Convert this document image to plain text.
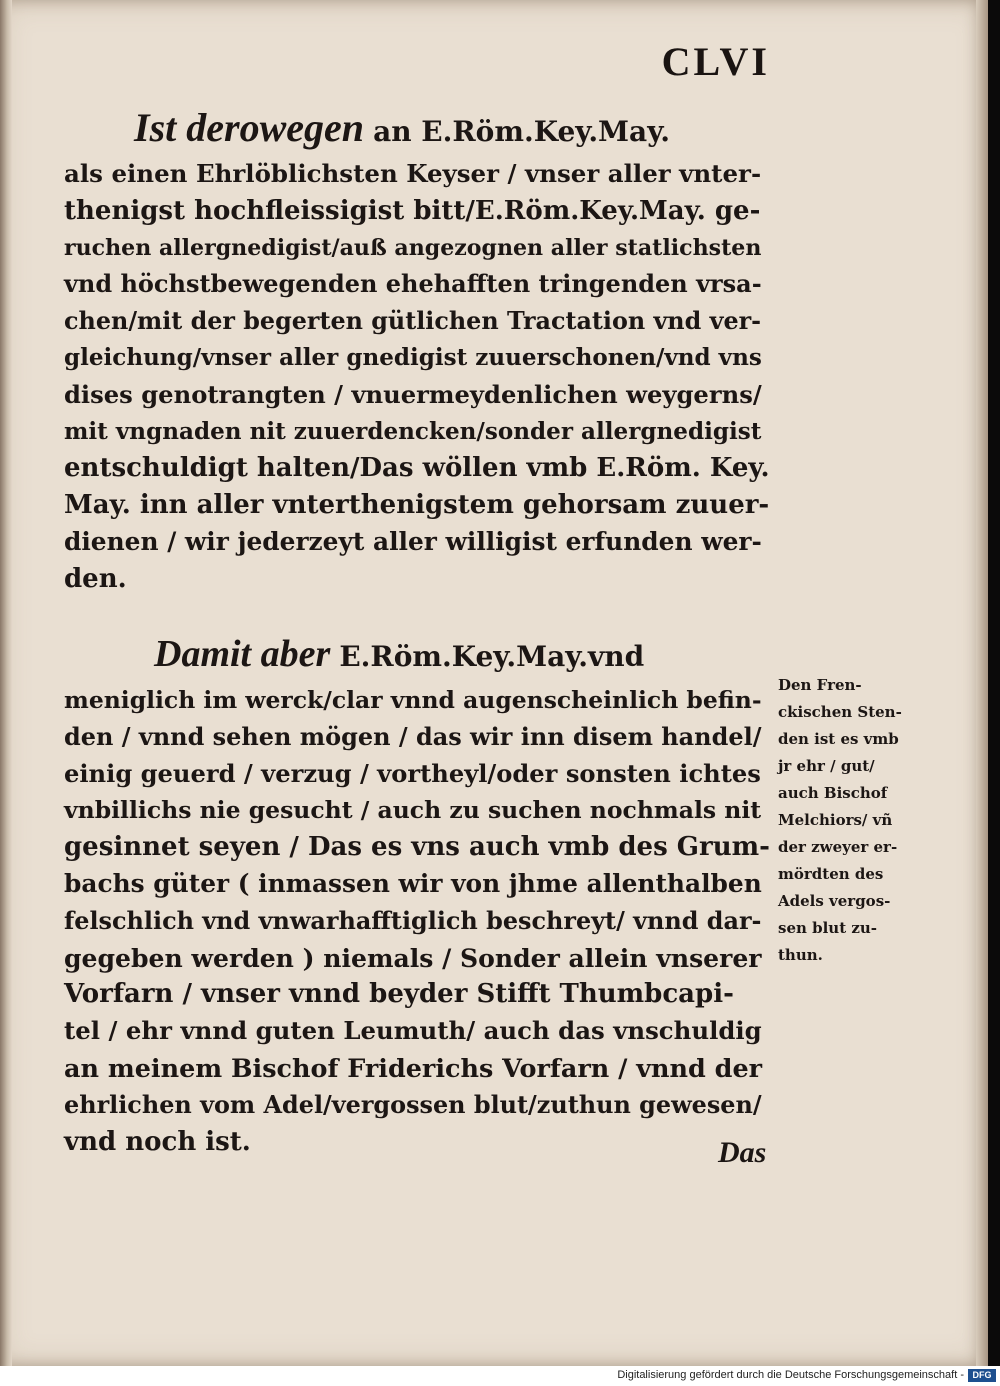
CLVI
Ist derowegen an E.Röm.Key.May.
als einen Ehrlöblichsten Keyser / vnser aller vnter-
thenigst hochfleissigist bitt/E.Röm.Key.May. ge-
ruchen allergnedigist/auß angezognen aller statlichsten
vnd höchstbewegenden ehehafften tringenden vrsa-
chen/mit der begerten gütlichen Tractation vnd ver-
gleichung/vnser aller gnedigist zuuerschonen/vnd vns
dises genotrangten / vnuermeydenlichen weygerns/
mit vngnaden nit zuuerdencken/sonder allergnedigist
entschuldigt halten/Das wöllen vmb E.Röm. Key.
May. inn aller vnterthenigstem gehorsam zuuer-
dienen / wir jederzeyt aller willigist erfunden wer-
den.
Damit aber E.Röm.Key.May.vnd
meniglich im werck/clar vnnd augenscheinlich befin-
den / vnnd sehen mögen / das wir inn disem handel/
einig geuerd / verzug / vortheyl/oder sonsten ichtes
vnbillichs nie gesucht / auch zu suchen nochmals nit
gesinnet seyen / Das es vns auch vmb des Grum-
bachs güter ( inmassen wir von jhme allenthalben
felschlich vnd vnwarhafftiglich beschreyt/ vnnd dar-
gegeben werden ) niemals / Sonder allein vnserer
Vorfarn / vnser vnnd beyder Stifft Thumbcapi-
tel / ehr vnnd guten Leumuth/ auch das vnschuldig
an meinem Bischof Friderichs Vorfarn / vnnd der
ehrlichen vom Adel/vergossen blut/zuthun gewesen/
vnd noch ist.
Den Fren-
ckischen Sten-
den ist es vmb
jr ehr / gut/
auch Bischof
Melchiors/ vñ
der zweyer er-
mördten des
Adels vergos-
sen blut zu-
thun.
Das
Digitalisierung gefördert durch die Deutsche Forschungsgemeinschaft - DFG
